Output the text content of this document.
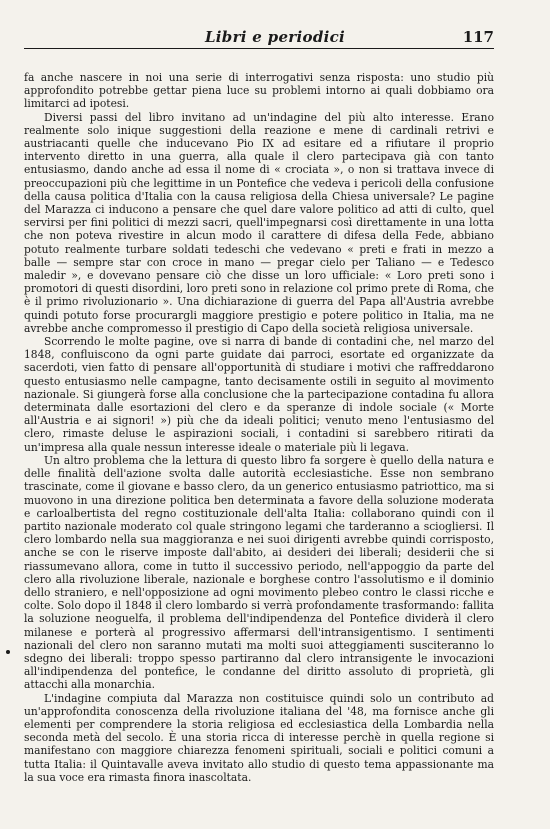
Libri e periodici	117

fa anche nascere in noi una serie di interrogativi senza risposta: uno studio più approfondito potrebbe gettar piena luce su problemi intorno ai quali dobbiamo ora limitarci ad ipotesi.

Diversi passi del libro invitano ad un'indagine del più alto interesse. Erano realmente solo inique suggestioni della reazione e mene di cardinali retrivi e austriacanti quelle che inducevano Pio IX ad esitare ed a rifiutare il proprio intervento diretto in una guerra, alla quale il clero partecipava già con tanto entusiasmo, dando anche ad essa il nome di « crociata », o non si trattava invece di preoccupazioni più che legittime in un Pontefice che vedeva i pericoli della confusione della causa politica d'Italia con la causa religiosa della Chiesa universale? Le pagine del Marazza ci inducono a pensare che quel dare valore politico ad atti di culto, quel servirsi per fini politici di mezzi sacri, quell'impegnarsi così direttamente in una lotta che non poteva rivestire in alcun modo il carattere di difesa della Fede, abbiano potuto realmente turbare soldati tedeschi che vedevano « preti e frati in mezzo a balle — sempre star con croce in mano — pregar cielo per Taliano — e Tedesco maledir », e dovevano pensare ciò che disse un loro ufficiale: « Loro preti sono i promotori di questi disordini, loro preti sono in relazione col primo prete di Roma, che è il primo rivoluzionario ». Una dichiarazione di guerra del Papa all'Austria avrebbe quindi potuto forse procurargli maggiore prestigio e potere politico in Italia, ma ne avrebbe anche compromesso il prestigio di Capo della società religiosa universale.

Scorrendo le molte pagine, ove si narra di bande di contadini che, nel marzo del 1848, confluiscono da ogni parte guidate dai parroci, esortate ed organizzate da sacerdoti, vien fatto di pensare all'opportunità di studiare i motivi che raffreddarono questo entusiasmo nelle campagne, tanto decisamente ostili in seguito al movimento nazionale. Si giungerà forse alla conclusione che la partecipazione contadina fu allora determinata dalle esortazioni del clero e da speranze di indole sociale (« Morte all'Austria e ai signori! ») più che da ideali politici; venuto meno l'entusiasmo del clero, rimaste deluse le aspirazioni sociali, i contadini si sarebbero ritirati da un'impresa alla quale nessun interesse ideale o materiale più li legava.

Un altro problema che la lettura di questo libro fa sorgere è quello della natura e delle finalità dell'azione svolta dalle autorità ecclesiastiche. Esse non sembrano trascinate, come il giovane e basso clero, da un generico entusiasmo patriottico, ma si muovono in una direzione politica ben determinata a favore della soluzione moderata e carloalbertista del regno costituzionale dell'alta Italia: collaborano quindi con il partito nazionale moderato col quale stringono legami che tarderanno a sciogliersi. Il clero lombardo nella sua maggioranza e nei suoi dirigenti avrebbe quindi corrisposto, anche se con le riserve imposte dall'abito, ai desideri dei liberali; desiderii che si riassumevano allora, come in tutto il successivo periodo, nell'appoggio da parte del clero alla rivoluzione liberale, nazionale e borghese contro l'assolutismo e il dominio dello straniero, e nell'opposizione ad ogni movimento plebeo contro le classi ricche e colte. Solo dopo il 1848 il clero lombardo si verrà profondamente trasformando: fallita la soluzione neoguelfa, il problema dell'indipendenza del Pontefice dividerà il clero milanese e porterà al progressivo affermarsi dell'intransigentismo. I sentimenti nazionali del clero non saranno mutati ma molti suoi atteggiamenti susciteranno lo sdegno dei liberali: troppo spesso partiranno dal clero intransigente le invocazioni all'indipendenza del pontefice, le condanne del diritto assoluto di proprietà, gli attacchi alla monarchia.

L'indagine compiuta dal Marazza non costituisce quindi solo un contributo ad un'approfondita conoscenza della rivoluzione italiana del '48, ma fornisce anche gli elementi per comprendere la storia religiosa ed ecclesiastica della Lombardia nella seconda metà del secolo. È una storia ricca di interesse perchè in quella regione si manifestano con maggiore chiarezza fenomeni spirituali, sociali e politici comuni a tutta Italia: il Quintavalle aveva invitato allo studio di questo tema appassionante ma la sua voce era rimasta finora inascoltata.
